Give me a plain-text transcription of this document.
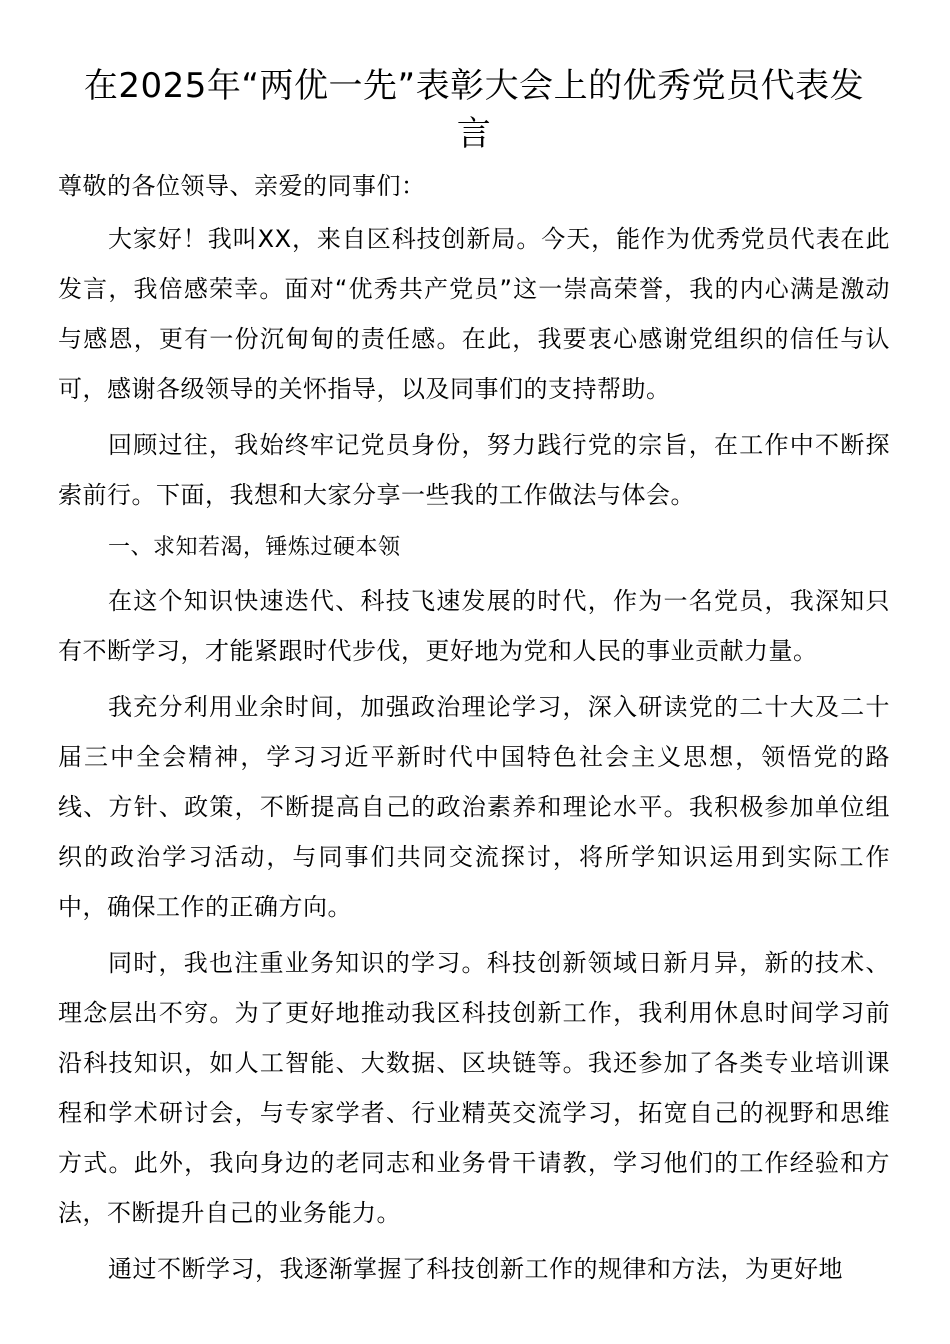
在2025年“两优一先”表彰大会上的优秀党员代表发言

尊敬的各位领导、亲爱的同事们：

大家好！我叫XX，来自区科技创新局。今天，能作为优秀党员代表在此发言，我倍感荣幸。面对“优秀共产党员”这一崇高荣誉，我的内心满是激动与感恩，更有一份沉甸甸的责任感。在此，我要衷心感谢党组织的信任与认可，感谢各级领导的关怀指导，以及同事们的支持帮助。

回顾过往，我始终牢记党员身份，努力践行党的宗旨，在工作中不断探索前行。下面，我想和大家分享一些我的工作做法与体会。

一、求知若渴，锤炼过硬本领

在这个知识快速迭代、科技飞速发展的时代，作为一名党员，我深知只有不断学习，才能紧跟时代步伐，更好地为党和人民的事业贡献力量。

我充分利用业余时间，加强政治理论学习，深入研读党的二十大及二十届三中全会精神，学习习近平新时代中国特色社会主义思想，领悟党的路线、方针、政策，不断提高自己的政治素养和理论水平。我积极参加单位组织的政治学习活动，与同事们共同交流探讨，将所学知识运用到实际工作中，确保工作的正确方向。

同时，我也注重业务知识的学习。科技创新领域日新月异，新的技术、理念层出不穷。为了更好地推动我区科技创新工作，我利用休息时间学习前沿科技知识，如人工智能、大数据、区块链等。我还参加了各类专业培训课程和学术研讨会，与专家学者、行业精英交流学习，拓宽自己的视野和思维方式。此外，我向身边的老同志和业务骨干请教，学习他们的工作经验和方法，不断提升自己的业务能力。

通过不断学习，我逐渐掌握了科技创新工作的规律和方法，为更好地
